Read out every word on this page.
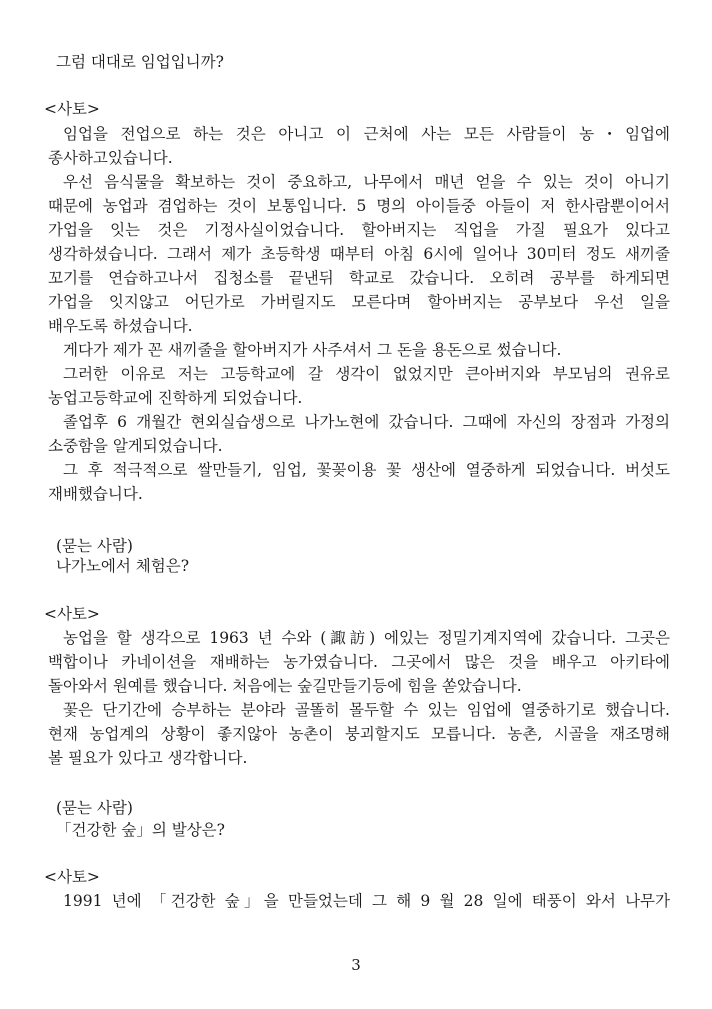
그럼 대대로 임업입니까?

<사토>

임업을 전업으로 하는 것은 아니고 이 근처에 사는 모든 사람들이 농・임업에

종사하고있습니다.

우선 음식물을 확보하는 것이 중요하고, 나무에서 매년 얻을 수 있는 것이 아니기

때문에 농업과 겸업하는 것이 보통입니다. 5 명의 아이들중 아들이 저 한사람뿐이어서

가업을 잇는 것은 기정사실이었습니다. 할아버지는 직업을 가질 필요가 있다고

생각하셨습니다. 그래서 제가 초등학생 때부터 아침 6시에 일어나 30미터 정도 새끼줄

꼬기를 연습하고나서 집청소를 끝낸뒤 학교로 갔습니다. 오히려 공부를 하게되면

가업을 잇지않고 어딘가로 가버릴지도 모른다며 할아버지는 공부보다 우선 일을

배우도록 하셨습니다.

게다가 제가 꼰 새끼줄을 할아버지가 사주셔서 그 돈을 용돈으로 썼습니다.

그러한 이유로 저는 고등학교에 갈 생각이 없었지만 큰아버지와 부모님의 권유로

농업고등학교에 진학하게 되었습니다.

졸업후 6 개월간 현외실습생으로 나가노현에 갔습니다. 그때에 자신의 장점과 가정의

소중함을 알게되었습니다.

그 후 적극적으로 쌀만들기, 임업, 꽃꽂이용 꽃 생산에 열중하게 되었습니다. 버섯도

재배했습니다.

(묻는 사람)

나가노에서 체험은?

<사토>

농업을 할 생각으로 1963 년 수와 (諏訪) 에있는 정밀기계지역에 갔습니다. 그곳은

백합이나 카네이션을 재배하는 농가였습니다. 그곳에서 많은 것을 배우고 아키타에

돌아와서 원예를 했습니다. 처음에는 숲길만들기등에 힘을 쏟았습니다.

꽃은 단기간에 승부하는 분야라 골똘히 몰두할 수 있는 임업에 열중하기로 했습니다.

현재 농업계의 상황이 좋지않아 농촌이 붕괴할지도 모릅니다. 농촌, 시골을 재조명해

볼 필요가 있다고 생각합니다.

(묻는 사람)

「건강한 숲」의 발상은?

<사토>

1991 년에 「건강한 숲」을 만들었는데 그 해 9 월 28 일에 태풍이 와서 나무가

3
